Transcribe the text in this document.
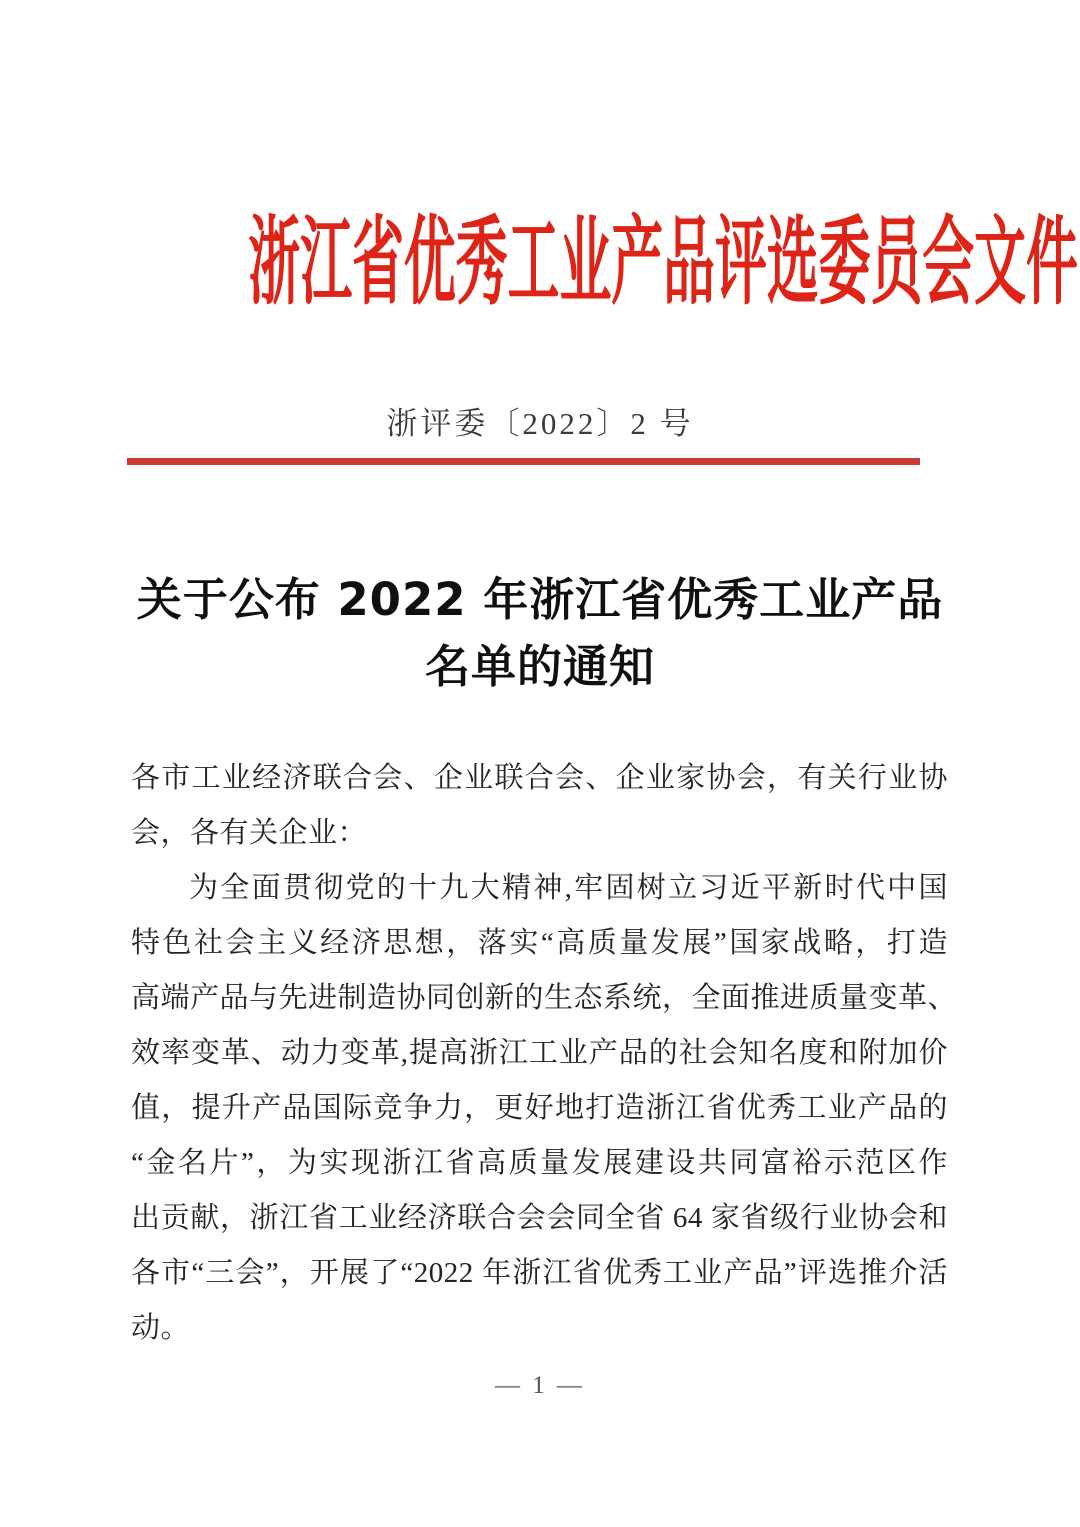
浙江省优秀工业产品评选委员会文件
浙评委〔2022〕2 号
关于公布 2022 年浙江省优秀工业产品
名单的通知
各市工业经济联合会、企业联合会、企业家协会，有关行业协
会，各有关企业：
为全面贯彻党的十九大精神,牢固树立习近平新时代中国
特色社会主义经济思想，落实“高质量发展”国家战略，打造
高端产品与先进制造协同创新的生态系统，全面推进质量变革、
效率变革、动力变革,提高浙江工业产品的社会知名度和附加价
值，提升产品国际竞争力，更好地打造浙江省优秀工业产品的
“金名片”，为实现浙江省高质量发展建设共同富裕示范区作
出贡献，浙江省工业经济联合会会同全省 64 家省级行业协会和
各市“三会”，开展了“2022 年浙江省优秀工业产品”评选推介活
动。
— 1 —
